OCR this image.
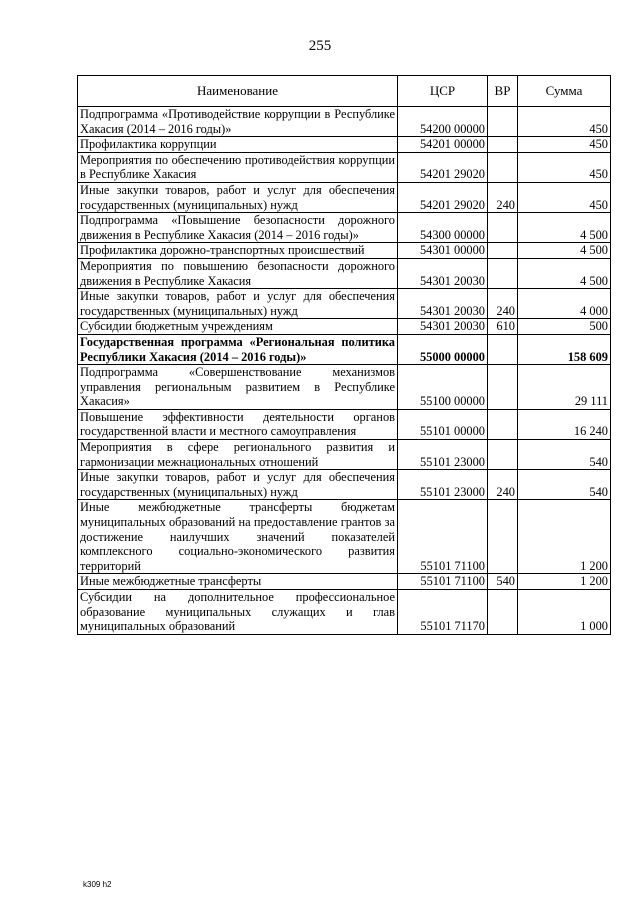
255
Наименование	ЦСР	ВР	Сумма
Подпрограмма «Противодействие коррупции в Республике Хакасия (2014 – 2016 годы)»	54200 00000		450
Профилактика коррупции	54201 00000		450
Мероприятия по обеспечению противодействия коррупции в Республике Хакасия	54201 29020		450
Иные закупки товаров, работ и услуг для обеспечения государственных (муниципальных) нужд	54201 29020	240	450
Подпрограмма «Повышение безопасности дорожного движения в Республике Хакасия (2014 – 2016 годы)»	54300 00000		4 500
Профилактика дорожно-транспортных происшествий	54301 00000		4 500
Мероприятия по повышению безопасности дорожного движения в Республике Хакасия	54301 20030		4 500
Иные закупки товаров, работ и услуг для обеспечения государственных (муниципальных) нужд	54301 20030	240	4 000
Субсидии бюджетным учреждениям	54301 20030	610	500
Государственная программа «Региональная политика Республики Хакасия (2014 – 2016 годы)»	55000 00000		158 609
Подпрограмма «Совершенствование механизмов управления региональным развитием в Республике Хакасия»	55100 00000		29 111
Повышение эффективности деятельности органов государственной власти и местного самоуправления	55101 00000		16 240
Мероприятия в сфере регионального развития и гармонизации межнациональных отношений	55101 23000		540
Иные закупки товаров, работ и услуг для обеспечения государственных (муниципальных) нужд	55101 23000	240	540
Иные межбюджетные трансферты бюджетам муниципальных образований на предоставление грантов за достижение наилучших значений показателей комплексного социально-экономического развития территорий	55101 71100		1 200
Иные межбюджетные трансферты	55101 71100	540	1 200
Субсидии на дополнительное профессиональное образование муниципальных служащих и глав муниципальных образований	55101 71170		1 000
k309 h2
